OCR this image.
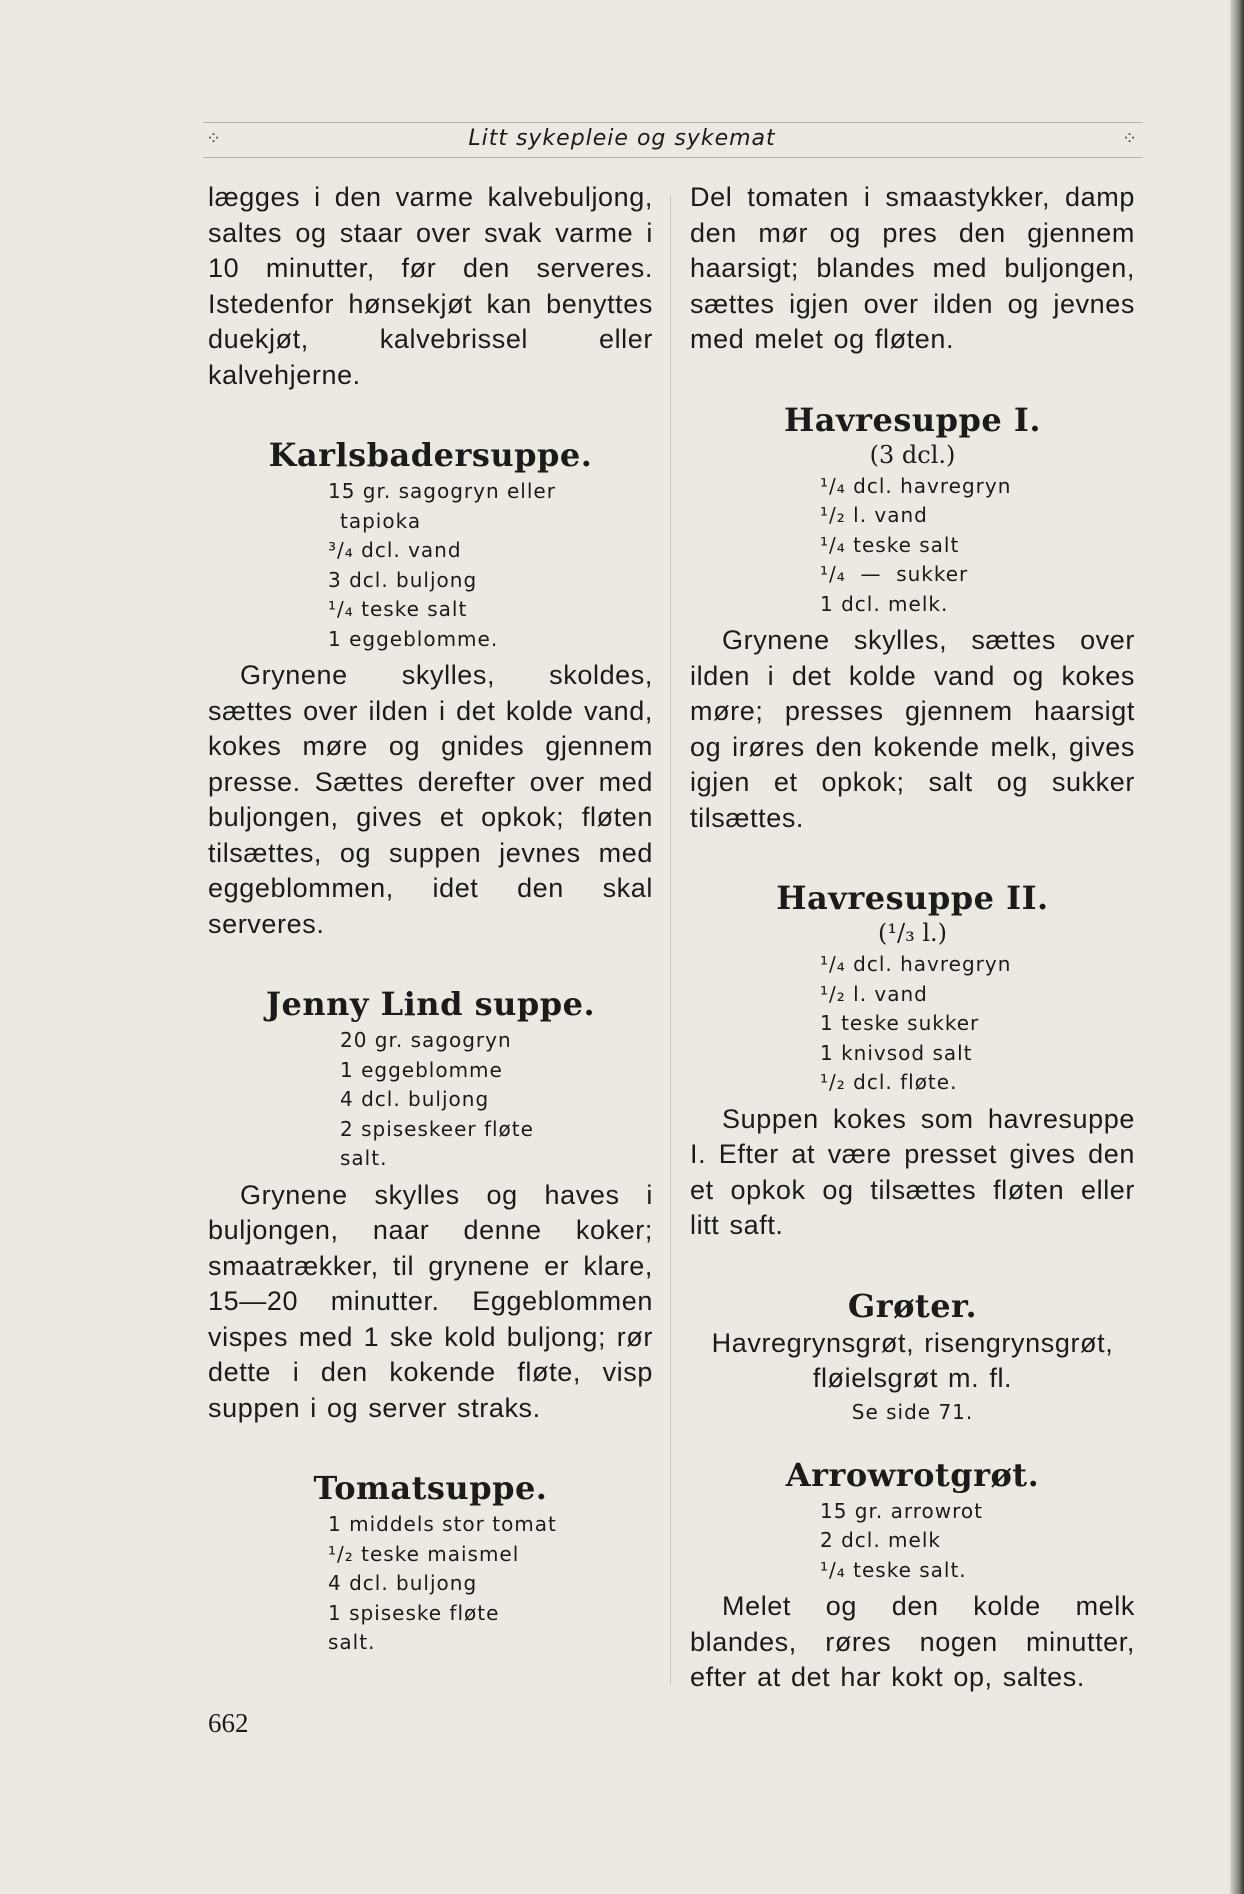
⁘	Litt sykepleie og sykemat	⁘

lægges i den varme kalvebuljong, saltes og staar over svak varme i 10 minutter, før den serveres. Istedenfor hønsekjøt kan benyttes duekjøt, kalvebrissel eller kalvehjerne.

Karlsbadersuppe.
15 gr. sagogryn eller
tapioka
³/₄ dcl. vand
3 dcl. buljong
¹/₄ teske salt
1 eggeblomme.

Grynene skylles, skoldes, sættes over ilden i det kolde vand, kokes møre og gnides gjennem presse. Sættes derefter over med buljongen, gives et opkok; fløten tilsættes, og suppen jevnes med eggeblommen, idet den skal serveres.

Jenny Lind suppe.
20 gr. sagogryn
1 eggeblomme
4 dcl. buljong
2 spiseskeer fløte
salt.

Grynene skylles og haves i buljongen, naar denne koker; smaatrækker, til grynene er klare, 15—20 minutter. Eggeblommen vispes med 1 ske kold buljong; rør dette i den kokende fløte, visp suppen i og server straks.

Tomatsuppe.
1 middels stor tomat
¹/₂ teske maismel
4 dcl. buljong
1 spiseske fløte
salt.

Del tomaten i smaastykker, damp den mør og pres den gjennem haarsigt; blandes med buljongen, sættes igjen over ilden og jevnes med melet og fløten.

Havresuppe I.

(3 dcl.)

¹/₄ dcl. havregryn
¹/₂ l. vand
¹/₄ teske salt
¹/₄  —  sukker
1 dcl. melk.

Grynene skylles, sættes over ilden i det kolde vand og kokes møre; presses gjennem haarsigt og irøres den kokende melk, gives igjen et opkok; salt og sukker tilsættes.

Havresuppe II.

(¹/₃ l.)

¹/₄ dcl. havregryn
¹/₂ l. vand
1 teske sukker
1 knivsod salt
¹/₂ dcl. fløte.

Suppen kokes som havresuppe I. Efter at være presset gives den et opkok og tilsættes fløten eller litt saft.

Grøter.

Havregrynsgrøt, risengrynsgrøt, fløielsgrøt m. fl.

Se side 71.

Arrowrotgrøt.
15 gr. arrowrot
2 dcl. melk
¹/₄ teske salt.

Melet og den kolde melk blandes, røres nogen minutter, efter at det har kokt op, saltes.

662
